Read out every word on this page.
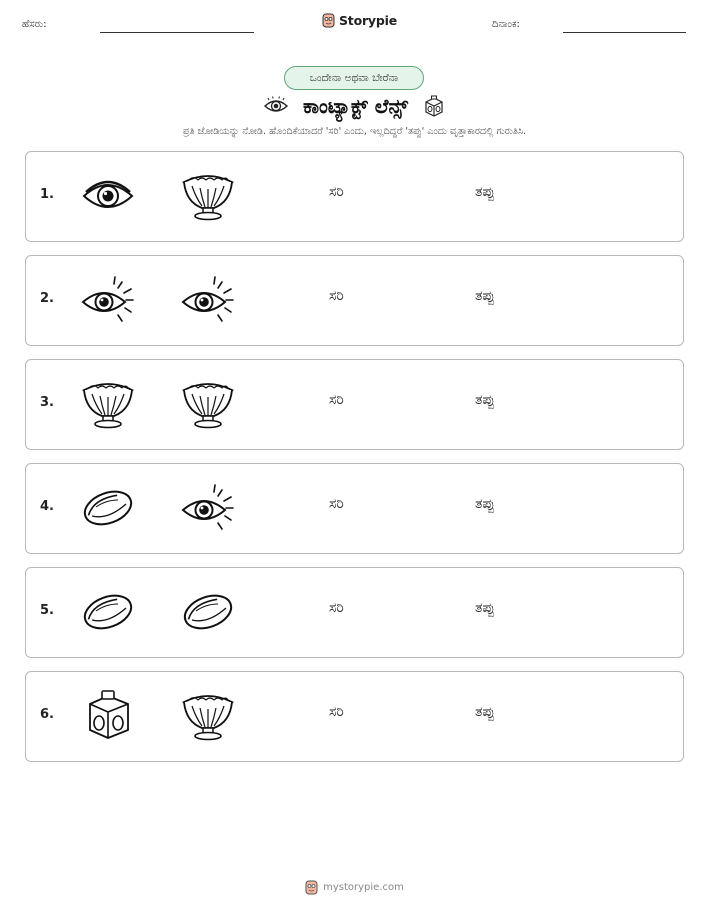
ಹೆಸರು:	Storypie	ದಿನಾಂಕ:
ಒಂದೇನಾ ಅಥವಾ ಬೇರೆನಾ
ಕಾಂಟ್ಯಾಕ್ಟ್ ಲೆನ್ಸ್
ಪ್ರತಿ ಜೋಡಿಯನ್ನು ನೋಡಿ. ಹೊಂದಿಕೆಯಾದರೆ 'ಸರಿ' ಎಂದು, ಇಲ್ಲದಿದ್ದರೆ 'ತಪ್ಪು' ಎಂದು ವೃತ್ತಾಕಾರದಲ್ಲಿ ಗುರುತಿಸಿ.
1.	ಸರಿ	ತಪ್ಪು
2.	ಸರಿ	ತಪ್ಪು
3.	ಸರಿ	ತಪ್ಪು
4.	ಸರಿ	ತಪ್ಪು
5.	ಸರಿ	ತಪ್ಪು
6.	ಸರಿ	ತಪ್ಪು
mystorypie.com
